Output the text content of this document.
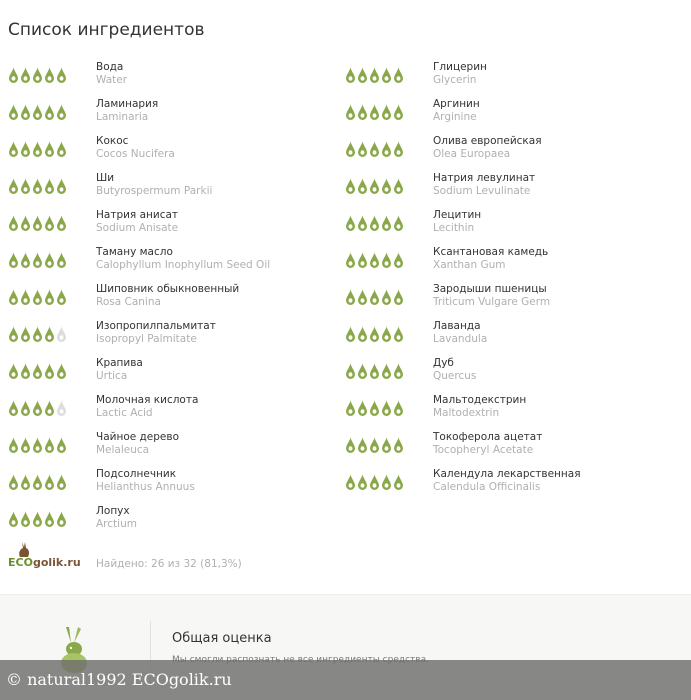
Список ингредиентов
Вода
Water
Ламинария
Laminaria
Кокос
Cocos Nucifera
Ши
Butyrospermum Parkii
Натрия анисат
Sodium Anisate
Таману масло
Calophyllum Inophyllum Seed Oil
Шиповник обыкновенный
Rosa Canina
Изопропилпальмитат
Isopropyl Palmitate
Крапива
Urtica
Молочная кислота
Lactic Acid
Чайное дерево
Melaleuca
Подсолнечник
Helianthus Annuus
Лопух
Arctium
Глицерин
Glycerin
Аргинин
Arginine
Олива европейская
Olea Europaea
Натрия левулинат
Sodium Levulinate
Лецитин
Lecithin
Ксантановая камедь
Xanthan Gum
Зародыши пшеницы
Triticum Vulgare Germ
Лаванда
Lavandula
Дуб
Quercus
Мальтодекстрин
Maltodextrin
Токоферола ацетат
Tocopheryl Acetate
Календула лекарственная
Calendula Officinalis
ECOgolik.ru Найдено: 26 из 32 (81,3%)
Общая оценка
© natural1992 ECOgolik.ru
